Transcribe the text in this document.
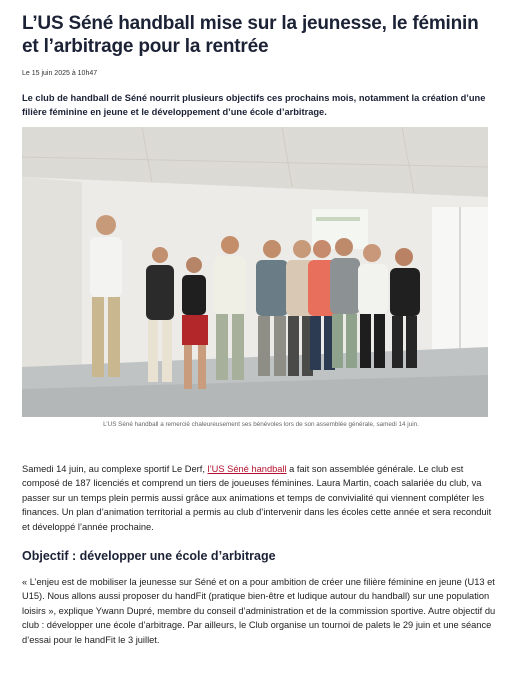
L’US Séné handball mise sur la jeunesse, le féminin et l’arbitrage pour la rentrée
Le 15 juin 2025 à 10h47
Le club de handball de Séné nourrit plusieurs objectifs ces prochains mois, notamment la création d’une filière féminine en jeune et le développement d’une école d’arbitrage.
L’US Séné handball a remercié chaleureusement ses bénévoles lors de son assemblée générale, samedi 14 juin.
Samedi 14 juin, au complexe sportif Le Derf, l’US Séné handball a fait son assemblée générale. Le club est composé de 187 licenciés et comprend un tiers de joueuses féminines. Laura Martin, coach salariée du club, va passer sur un temps plein permis aussi grâce aux animations et temps de convivialité qui viennent compléter les finances. Un plan d’animation territorial a permis au club d’intervenir dans les écoles cette année et sera reconduit et développé l’année prochaine.
Objectif : développer une école d’arbitrage
« L’enjeu est de mobiliser la jeunesse sur Séné et on a pour ambition de créer une filière féminine en jeune (U13 et U15). Nous allons aussi proposer du handFit (pratique bien-être et ludique autour du handball) sur une population loisirs », explique Ywann Dupré, membre du conseil d’administration et de la commission sportive. Autre objectif du club : développer une école d’arbitrage. Par ailleurs, le Club organise un tournoi de palets le 29 juin et une séance d’essai pour le handFit le 3 juillet.
